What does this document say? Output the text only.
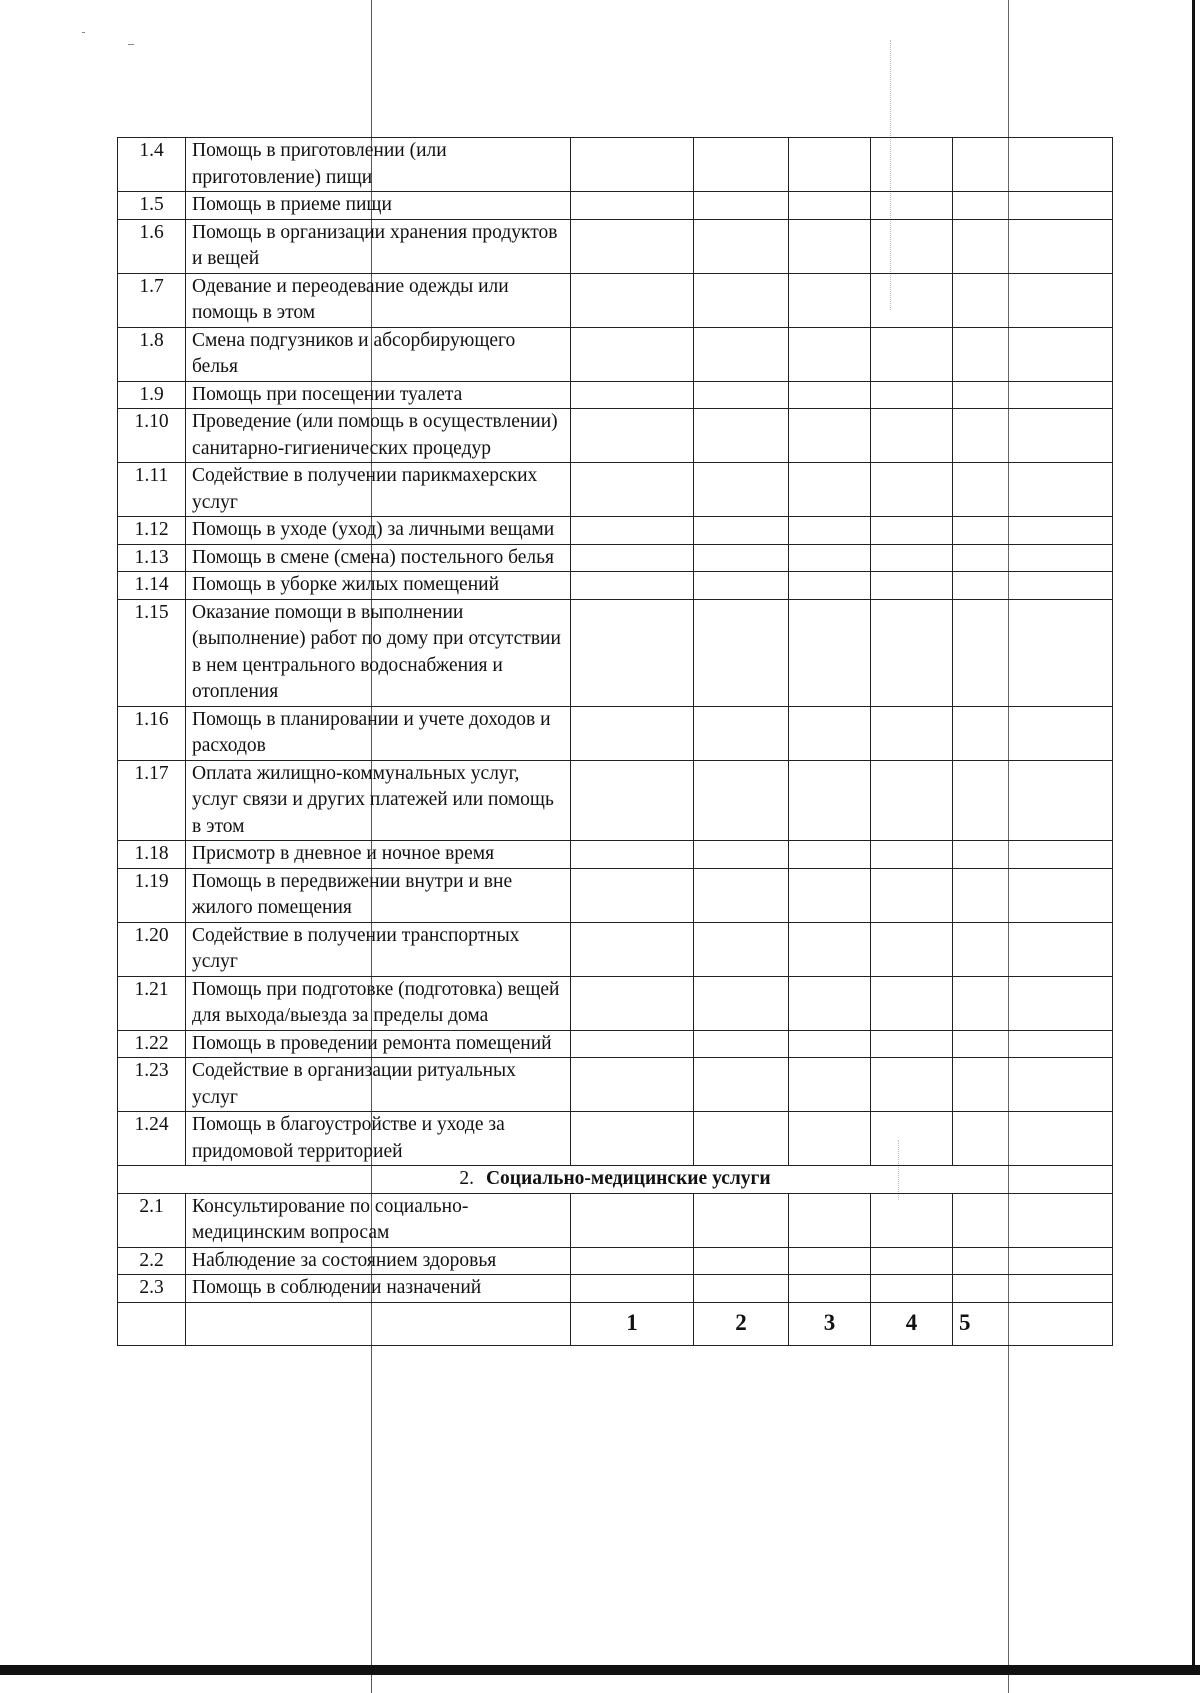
1.4	Помощь в приготовлении (или приготовление) пищи					
1.5	Помощь в приеме пищи					
1.6	Помощь в организации хранения продуктов и вещей					
1.7	Одевание и переодевание одежды или помощь в этом					
1.8	Смена подгузников и абсорбирующего белья					
1.9	Помощь при посещении туалета					
1.10	Проведение (или помощь в осуществлении) санитарно-гигиенических процедур					
1.11	Содействие в получении парикмахерских услуг					
1.12	Помощь в уходе (уход) за личными вещами					
1.13	Помощь в смене (смена) постельного белья					
1.14	Помощь в уборке жилых помещений					
1.15	Оказание помощи в выполнении (выполнение) работ по дому при отсутствии в нем центрального водоснабжения и отопления					
1.16	Помощь в планировании и учете доходов и расходов					
1.17	Оплата жилищно-коммунальных услуг, услуг связи и других платежей или помощь в этом					
1.18	Присмотр в дневное и ночное время					
1.19	Помощь в передвижении внутри и вне жилого помещения					
1.20	Содействие в получении транспортных услуг					
1.21	Помощь при подготовке (подготовка) вещей для выхода/выезда за пределы дома					
1.22	Помощь в проведении ремонта помещений					
1.23	Содействие в организации ритуальных услуг					
1.24	Помощь в благоустройстве и уходе за придомовой территорией					
2. Социально-медицинские услуги						
2.1	Консультирование по социально-медицинским вопросам					
2.2	Наблюдение за состоянием здоровья					
2.3	Помощь в соблюдении назначений					
		1	2	3	4	5
